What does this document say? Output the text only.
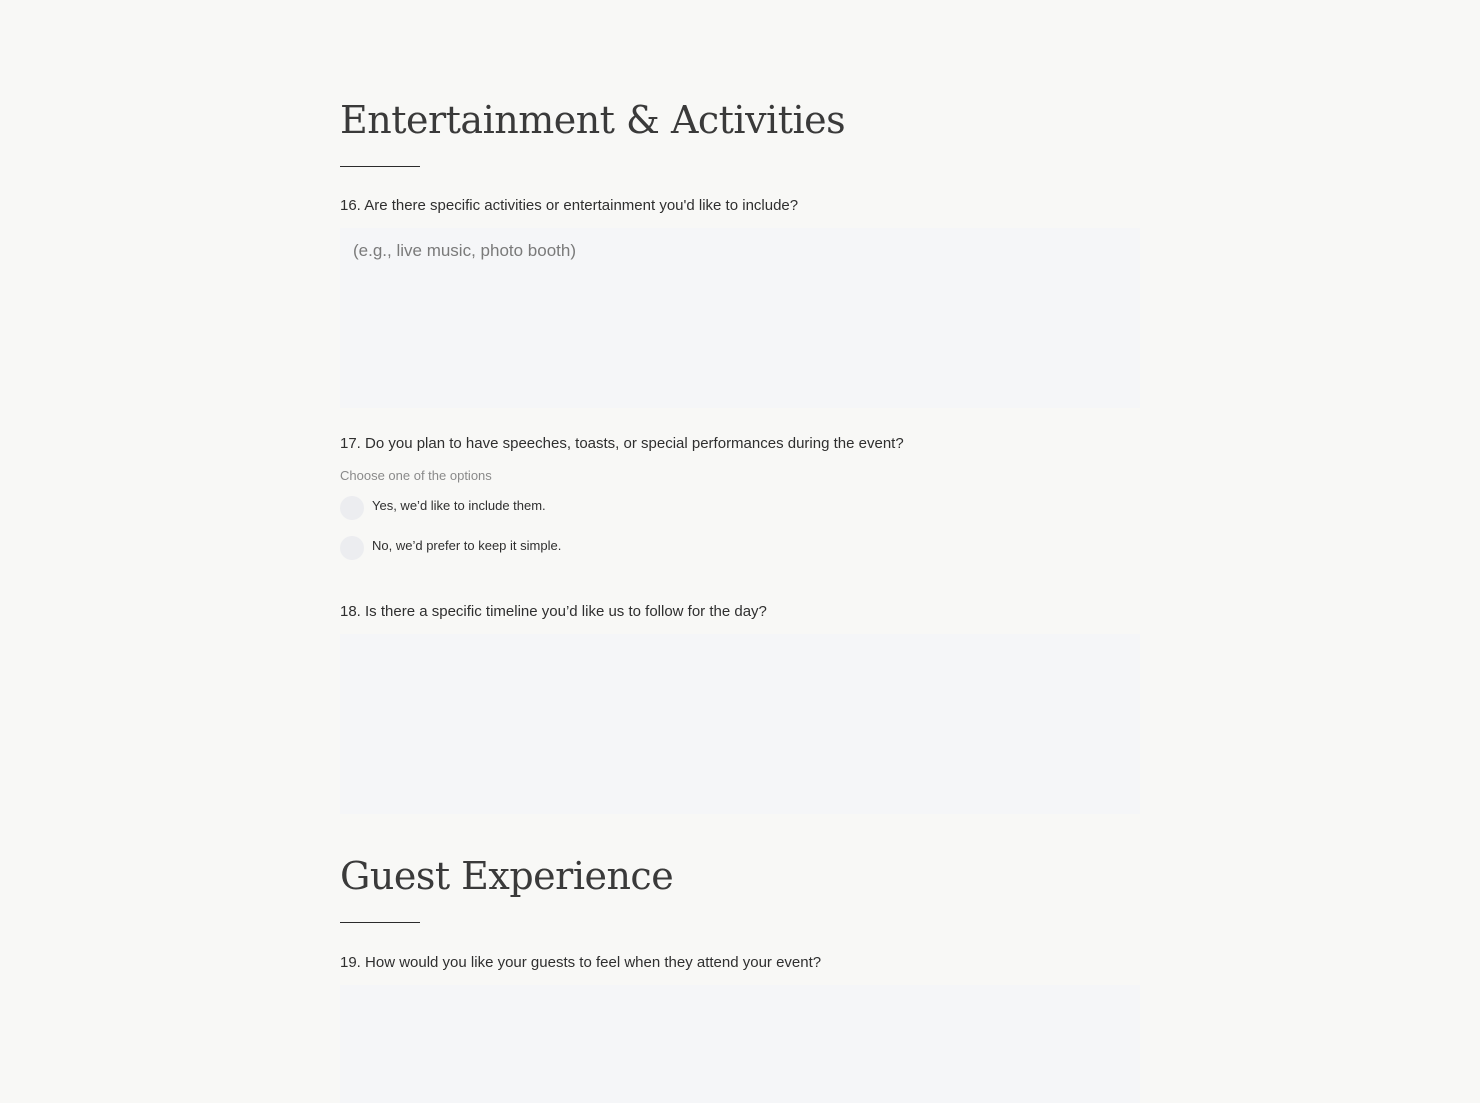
Entertainment & Activities

16. Are there specific activities or entertainment you'd like to include?

(e.g., live music, photo booth)

17. Do you plan to have speeches, toasts, or special performances during the event?

Choose one of the options
Yes, we’d like to include them.
No, we’d prefer to keep it simple.

18. Is there a specific timeline you’d like us to follow for the day?

Guest Experience

19. How would you like your guests to feel when they attend your event?
